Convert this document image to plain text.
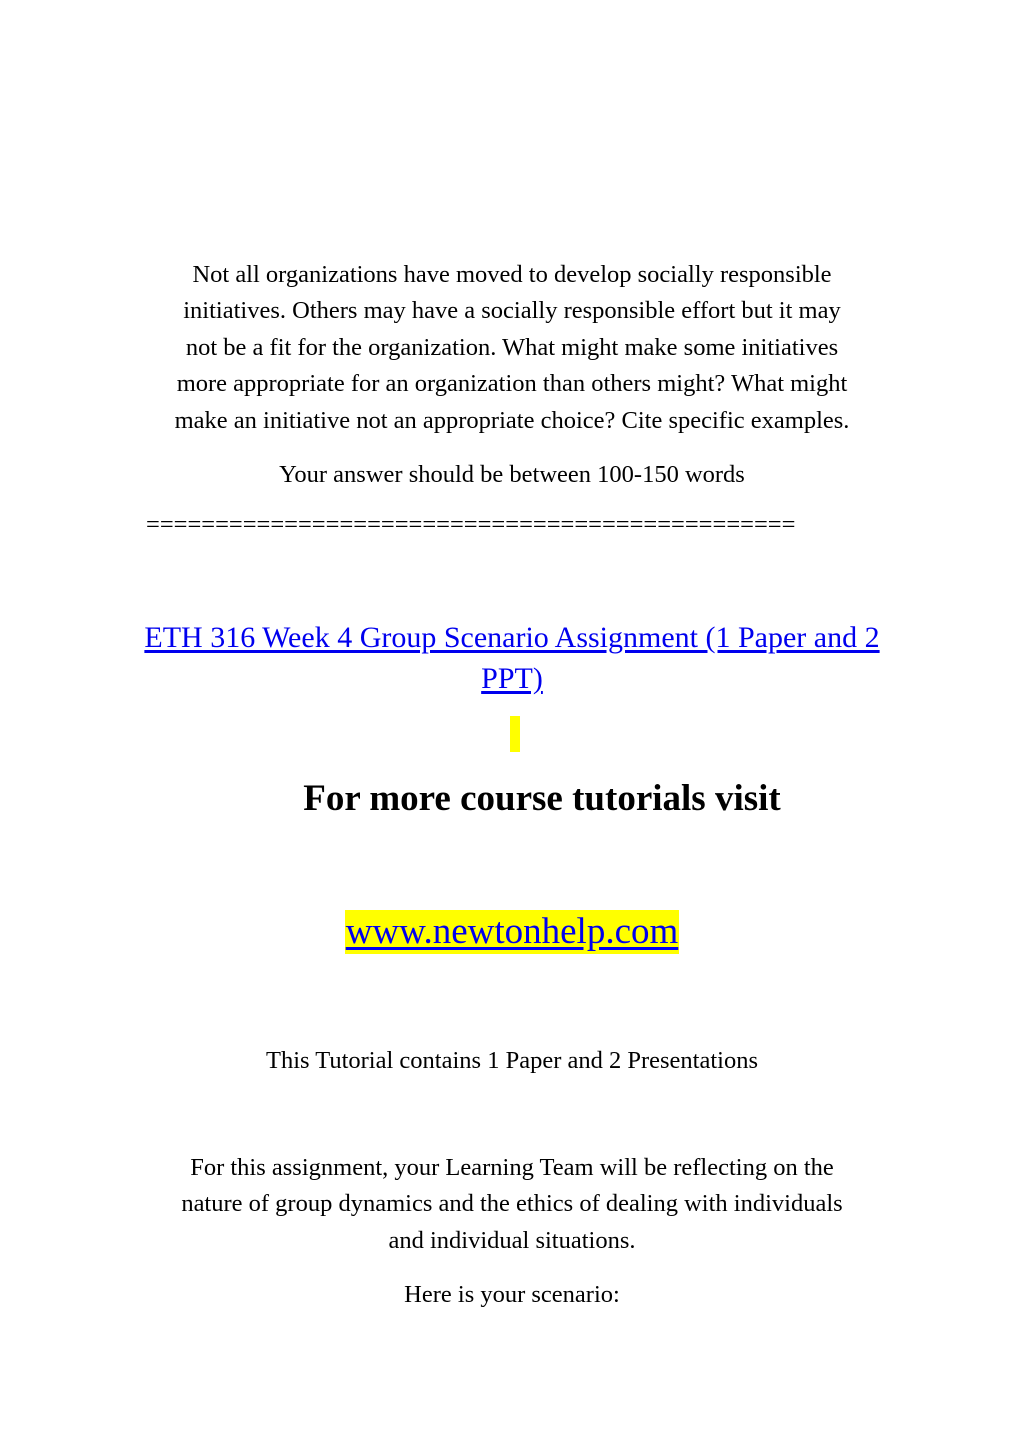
Not all organizations have moved to develop socially responsible

initiatives. Others may have a socially responsible effort but it may

not be a fit for the organization. What might make some initiatives

more appropriate for an organization than others might? What might

make an initiative not an appropriate choice? Cite specific examples.

Your answer should be between 100-150 words
===============================================
ETH 316 Week 4 Group Scenario Assignment (1 Paper and 2
PPT)
For more course tutorials visit
www.newtonhelp.com
This Tutorial contains 1 Paper and 2 Presentations

For this assignment, your Learning Team will be reflecting on the

nature of group dynamics and the ethics of dealing with individuals

and individual situations.

Here is your scenario:
